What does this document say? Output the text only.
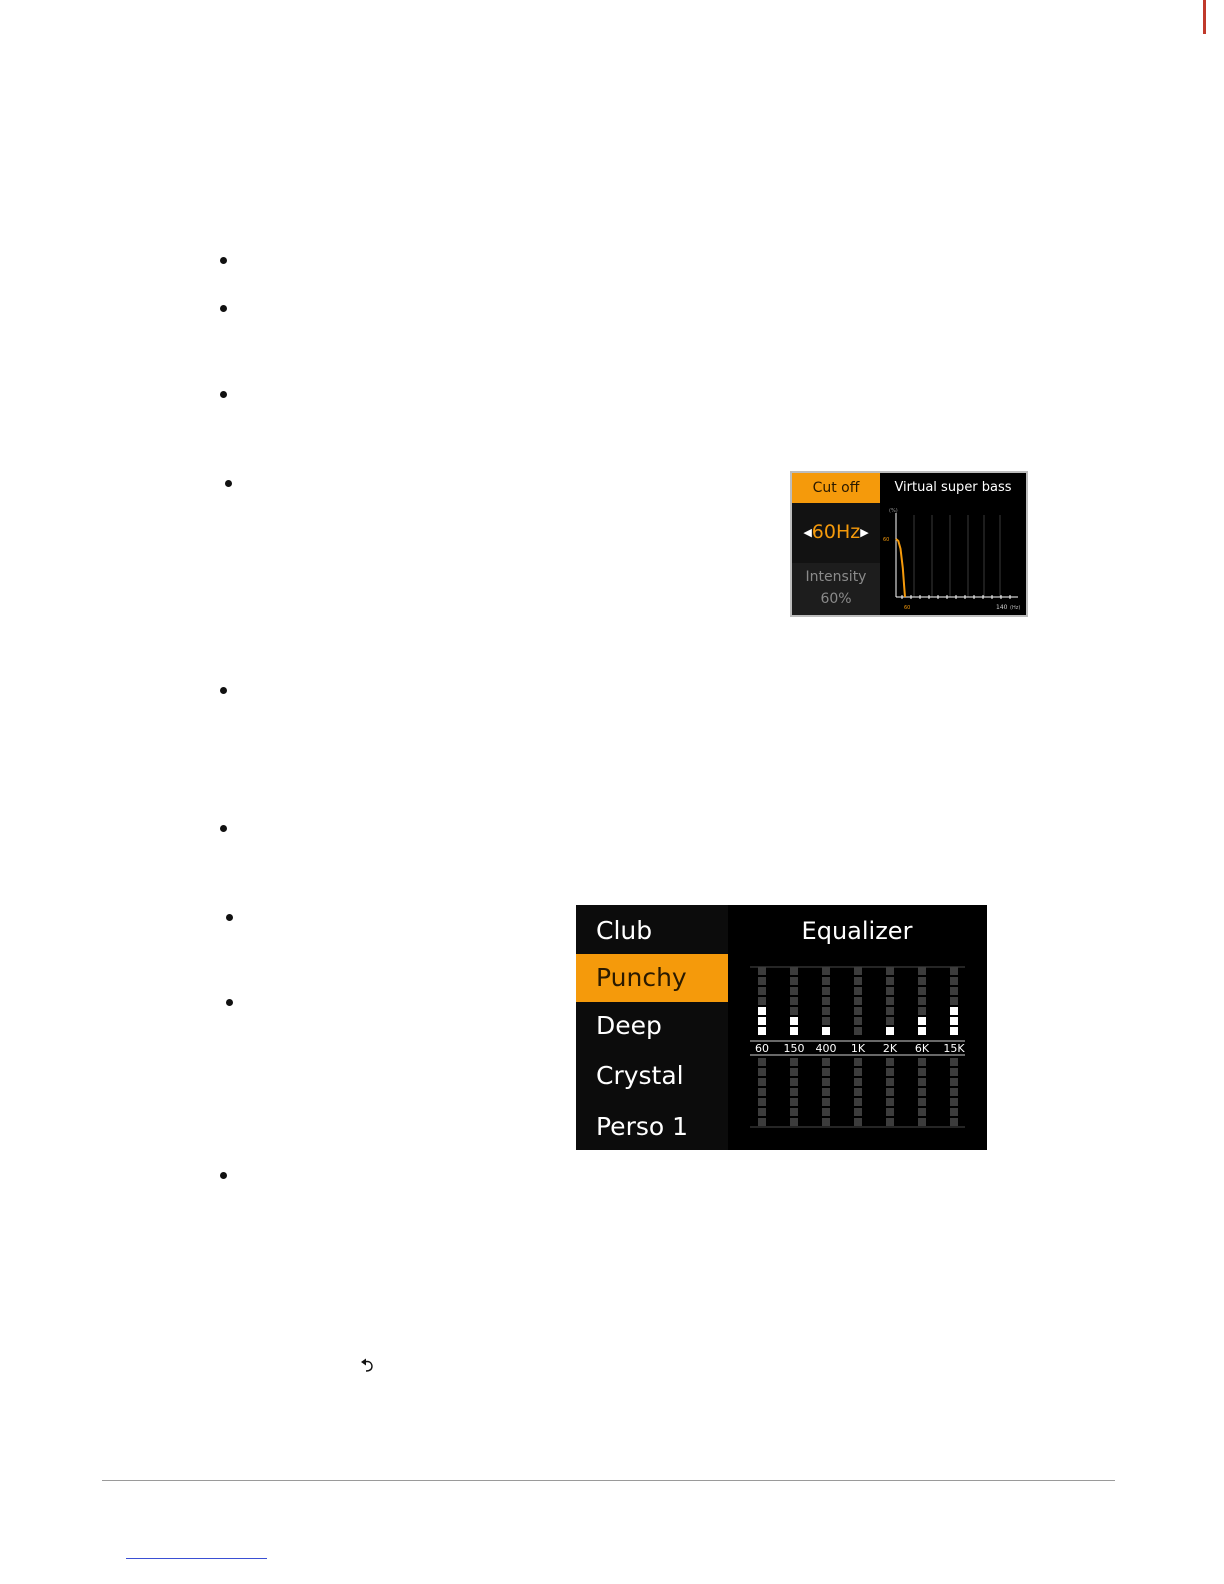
Cut off	Virtual super bass
◀60Hz▶
Intensity
60%
(%)
60
60	140 (Hz)
Club
Punchy
Deep
Crystal
Perso 1
Equalizer
60 150 400 1K 2K 6K 15K
